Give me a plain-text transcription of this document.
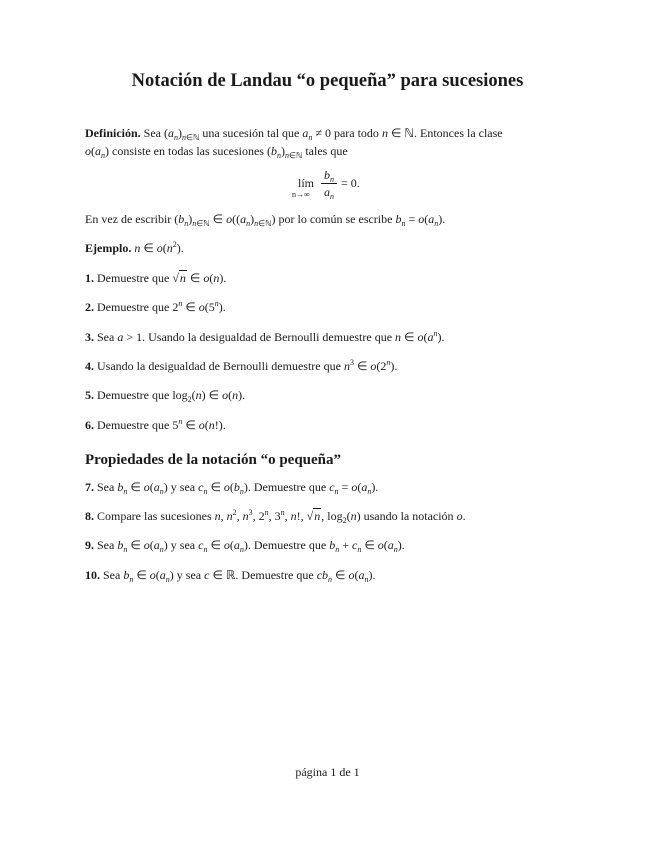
Notación de Landau “o pequeña” para sucesiones
Definición. Sea $(a_n)_{n\in ℕ}$ una sucesión tal que $a_n \ne 0$ para todo n ∈ ℕ. Entonces la clase
$o(a_n)$ consiste en todas las sucesiones $(b_n)_{n\in ℕ}$ tales que
lím
n→∞
$b_n$
$a_n$
= 0.
En vez de escribir $(b_n)_{n\in ℕ}$ ∈ $o((a_n)_{n\in ℕ})$ por lo común se escribe $b_n = o(a_n)$.
Ejemplo. n ∈ $o(n^2)$.
1. Demuestre que √n ∈ o(n).
2. Demuestre que 2$^n$ ∈ o(5$^n$).
3. Sea a > 1. Usando la desigualdad de Bernoulli demuestre que n ∈ $o(a^n)$.
4. Usando la desigualdad de Bernoulli demuestre que $n^3$ ∈ o(2$^n$).
5. Demuestre que $\log_2(n)$ ∈ o(n).
6. Demuestre que 5$^n$ ∈ o(n!).
Propiedades de la notación “o pequeña”
7. Sea $b_n$ ∈ $o(a_n)$ y sea $c_n$ ∈ $o(b_n)$. Demuestre que $c_n = o(a_n)$.
8. Compare las sucesiones n, $n^2$, $n^3$, 2$^n$, 3$^n$, n!, √n, $\log_2(n)$ usando la notación o.
9. Sea $b_n$ ∈ $o(a_n)$ y sea $c_n$ ∈ $o(a_n)$. Demuestre que $b_n + c_n$ ∈ $o(a_n)$.
10. Sea $b_n$ ∈ $o(a_n)$ y sea c ∈ ℝ. Demuestre que $cb_n$ ∈ $o(a_n)$.
página 1 de 1
